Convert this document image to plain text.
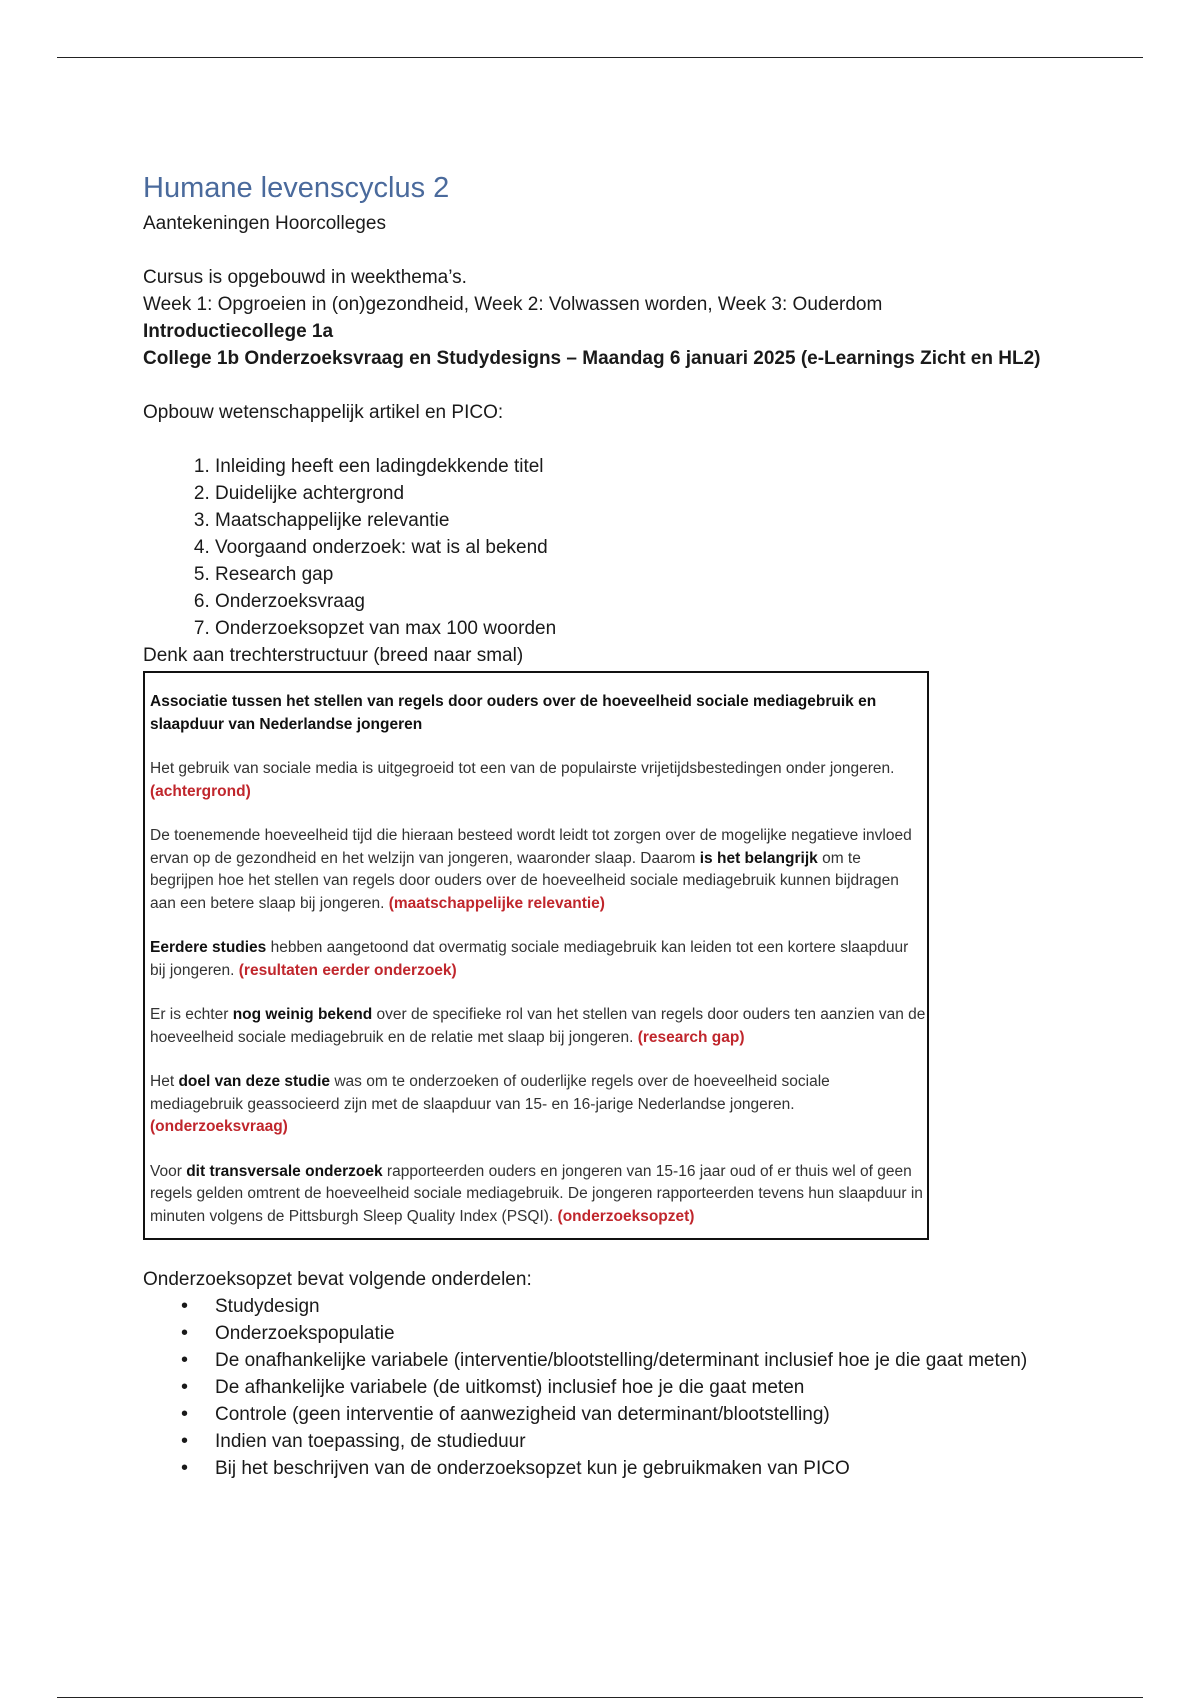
Humane levenscyclus 2

Aantekeningen Hoorcolleges

Cursus is opgebouwd in weekthema’s.

Week 1: Opgroeien in (on)gezondheid, Week 2: Volwassen worden, Week 3: Ouderdom

Introductiecollege 1a

College 1b Onderzoeksvraag en Studydesigns – Maandag 6 januari 2025 (e-Learnings Zicht en HL2)

Opbouw wetenschappelijk artikel en PICO:

1. Inleiding heeft een ladingdekkende titel
2. Duidelijke achtergrond
3. Maatschappelijke relevantie
4. Voorgaand onderzoek: wat is al bekend
5. Research gap
6. Onderzoeksvraag
7. Onderzoeksopzet van max 100 woorden

Denk aan trechterstructuur (breed naar smal)

Associatie tussen het stellen van regels door ouders over de hoeveelheid sociale mediagebruik en slaapduur van Nederlandse jongeren

Het gebruik van sociale media is uitgegroeid tot een van de populairste vrijetijdsbestedingen onder jongeren. (achtergrond)

De toenemende hoeveelheid tijd die hieraan besteed wordt leidt tot zorgen over de mogelijke negatieve invloed ervan op de gezondheid en het welzijn van jongeren, waaronder slaap. Daarom is het belangrijk om te begrijpen hoe het stellen van regels door ouders over de hoeveelheid sociale mediagebruik kunnen bijdragen aan een betere slaap bij jongeren. (maatschappelijke relevantie)

Eerdere studies hebben aangetoond dat overmatig sociale mediagebruik kan leiden tot een kortere slaapduur bij jongeren. (resultaten eerder onderzoek)

Er is echter nog weinig bekend over de specifieke rol van het stellen van regels door ouders ten aanzien van de hoeveelheid sociale mediagebruik en de relatie met slaap bij jongeren. (research gap)

Het doel van deze studie was om te onderzoeken of ouderlijke regels over de hoeveelheid sociale mediagebruik geassocieerd zijn met de slaapduur van 15- en 16-jarige Nederlandse jongeren. (onderzoeksvraag)

Voor dit transversale onderzoek rapporteerden ouders en jongeren van 15-16 jaar oud of er thuis wel of geen regels gelden omtrent de hoeveelheid sociale mediagebruik. De jongeren rapporteerden tevens hun slaapduur in minuten volgens de Pittsburgh Sleep Quality Index (PSQI). (onderzoeksopzet)

Onderzoeksopzet bevat volgende onderdelen:

• Studydesign
• Onderzoekspopulatie
• De onafhankelijke variabele (interventie/blootstelling/determinant inclusief hoe je die gaat meten)
• De afhankelijke variabele (de uitkomst) inclusief hoe je die gaat meten
• Controle (geen interventie of aanwezigheid van determinant/blootstelling)
• Indien van toepassing, de studieduur
• Bij het beschrijven van de onderzoeksopzet kun je gebruikmaken van PICO
